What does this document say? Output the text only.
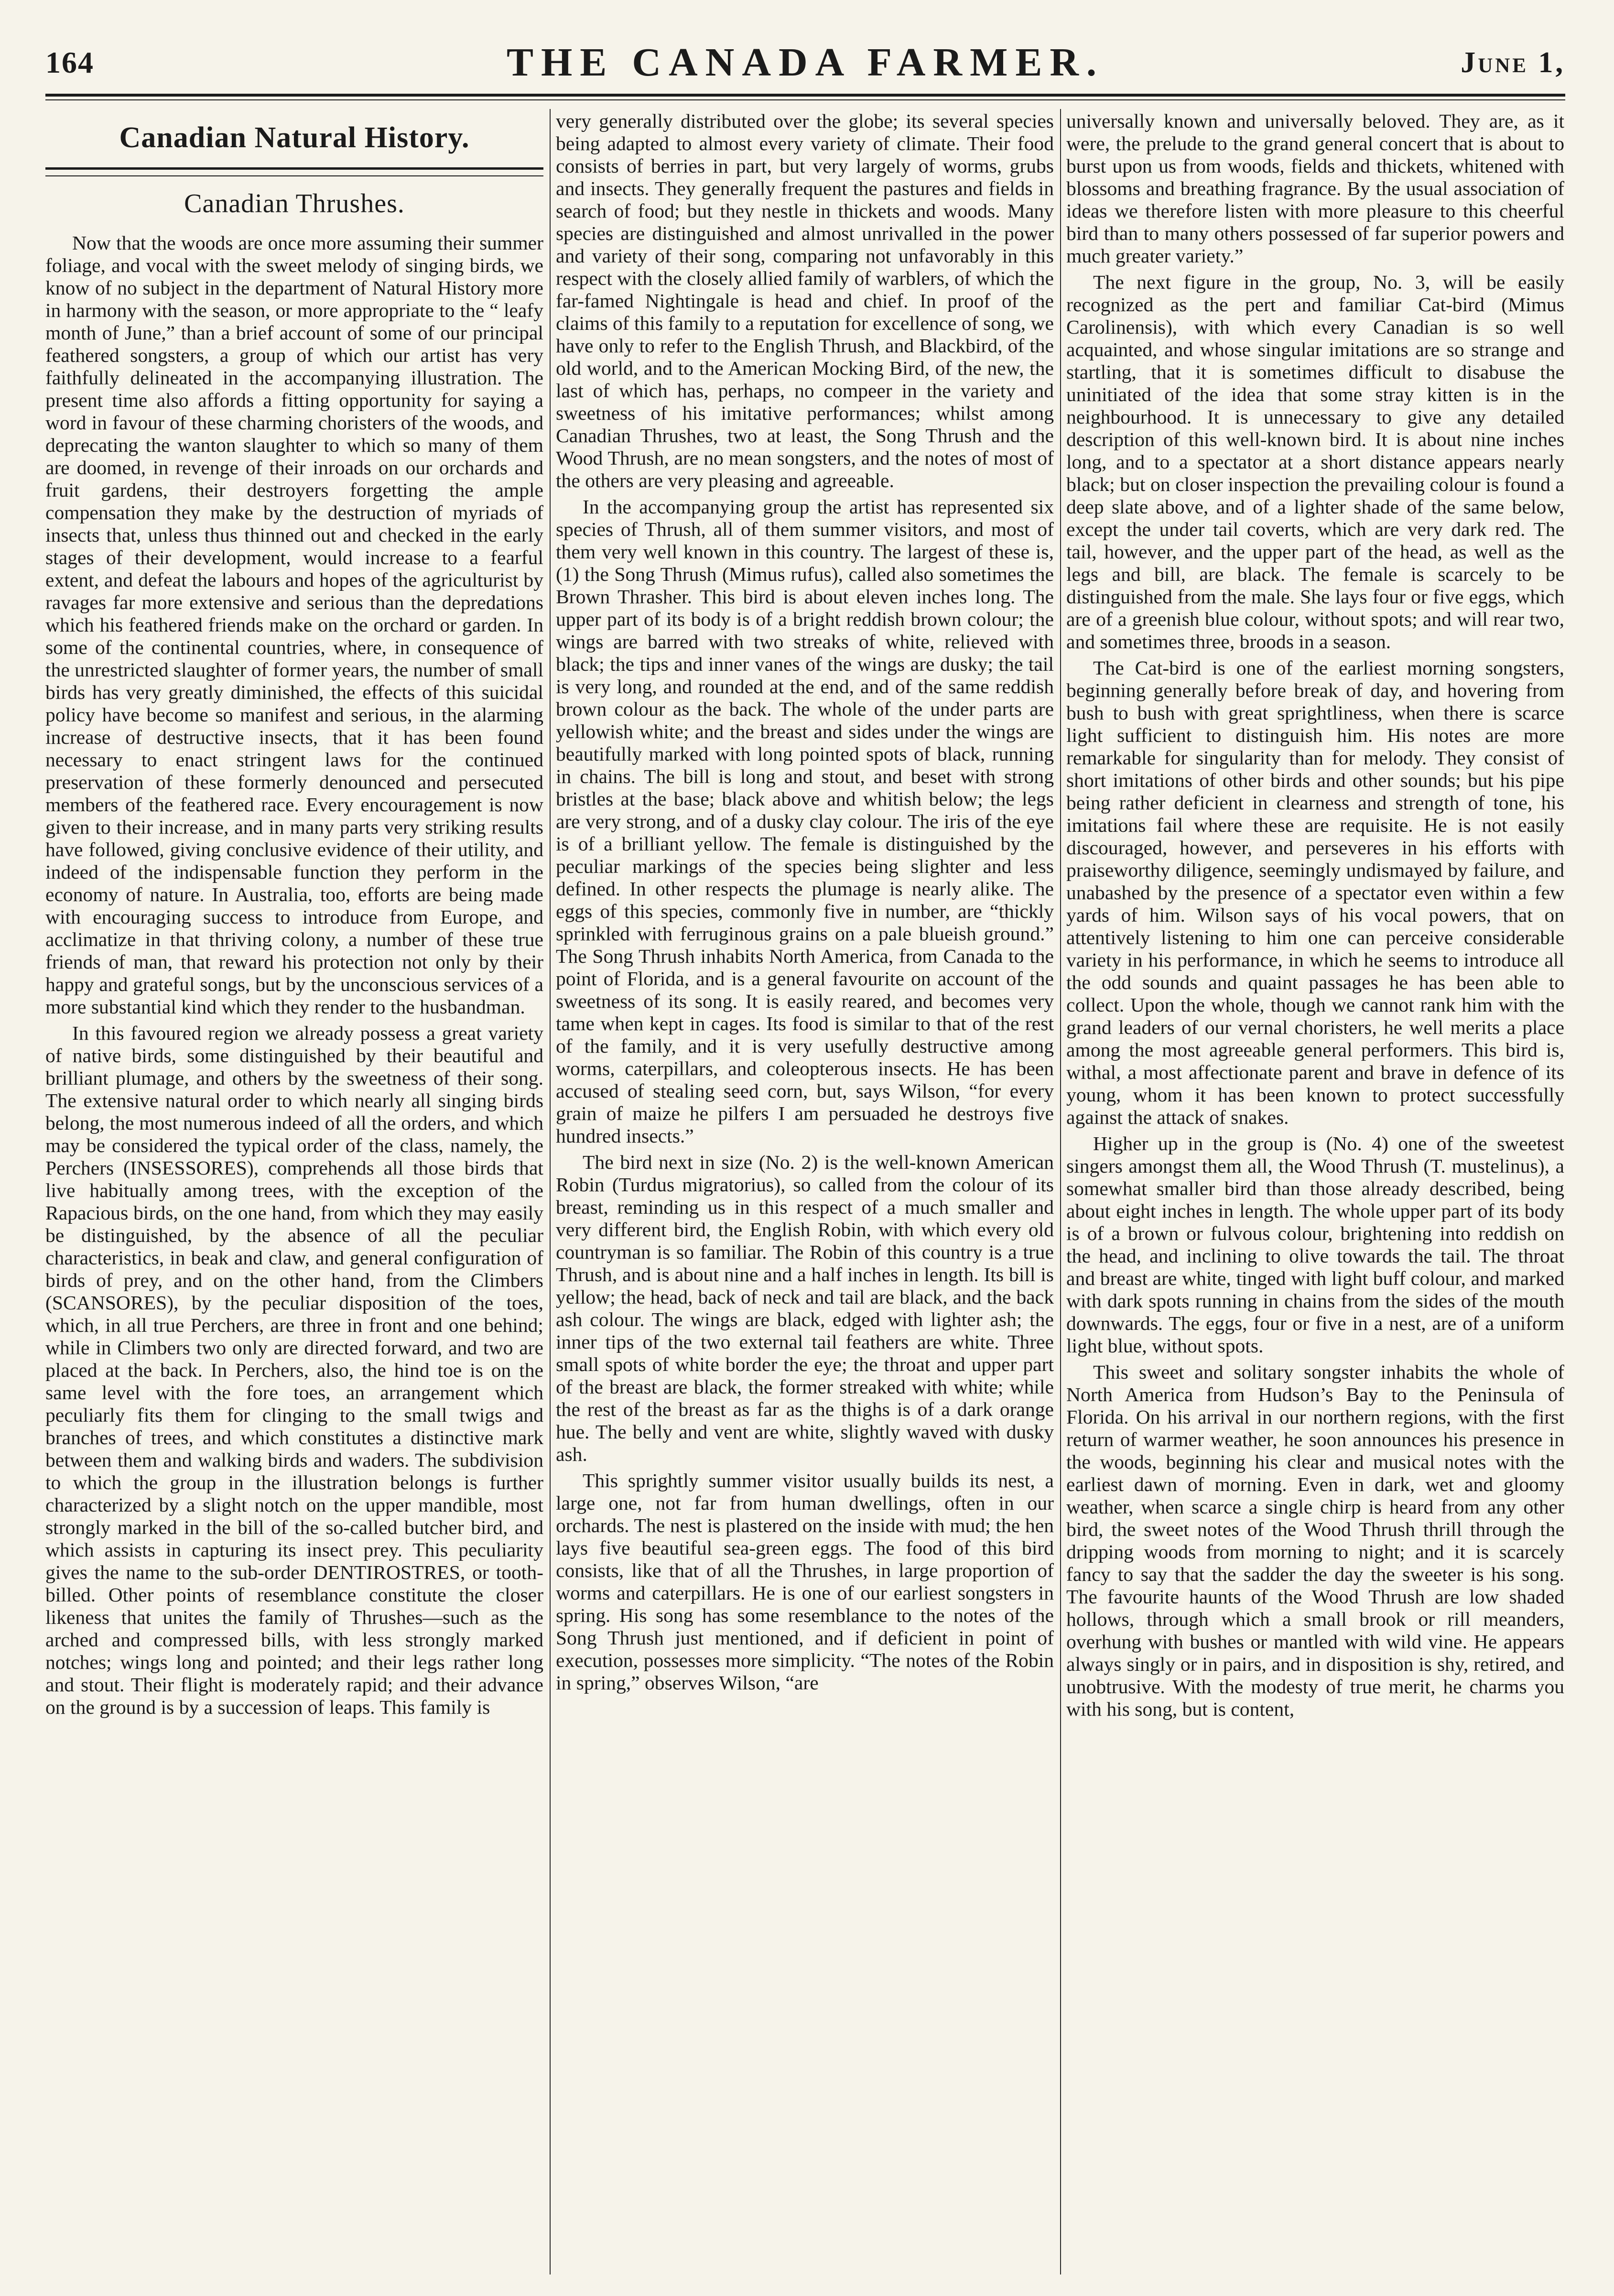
164	THE CANADA FARMER.	June 1,
Canadian Natural History.
Canadian Thrushes.

Now that the woods are once more assuming their summer foliage, and vocal with the sweet melody of singing birds, we know of no subject in the department of Natural History more in harmony with the season, or more appropriate to the “ leafy month of June,” than a brief account of some of our principal feathered songsters, a group of which our artist has very faithfully delineated in the accompanying illustration. The present time also affords a fitting opportunity for saying a word in favour of these charming choristers of the woods, and deprecating the wanton slaughter to which so many of them are doomed, in revenge of their inroads on our orchards and fruit gardens, their destroyers forgetting the ample compensation they make by the destruction of myriads of insects that, unless thus thinned out and checked in the early stages of their development, would increase to a fearful extent, and defeat the labours and hopes of the agriculturist by ravages far more extensive and serious than the depredations which his feathered friends make on the orchard or garden. In some of the continental countries, where, in consequence of the unrestricted slaughter of former years, the number of small birds has very greatly diminished, the effects of this suicidal policy have become so manifest and serious, in the alarming increase of destructive insects, that it has been found necessary to enact stringent laws for the continued preservation of these formerly denounced and persecuted members of the feathered race. Every encouragement is now given to their increase, and in many parts very striking results have followed, giving conclusive evidence of their utility, and indeed of the indispensable function they perform in the economy of nature. In Australia, too, efforts are being made with encouraging success to introduce from Europe, and acclimatize in that thriving colony, a number of these true friends of man, that reward his protection not only by their happy and grateful songs, but by the unconscious services of a more substantial kind which they render to the husbandman.

In this favoured region we already possess a great variety of native birds, some distinguished by their beautiful and brilliant plumage, and others by the sweetness of their song. The extensive natural order to which nearly all singing birds belong, the most numerous indeed of all the orders, and which may be considered the typical order of the class, namely, the Perchers (INSESSORES), comprehends all those birds that live habitually among trees, with the exception of the Rapacious birds, on the one hand, from which they may easily be distinguished, by the absence of all the peculiar characteristics, in beak and claw, and general configuration of birds of prey, and on the other hand, from the Climbers (SCANSORES), by the peculiar disposition of the toes, which, in all true Perchers, are three in front and one behind; while in Climbers two only are directed forward, and two are placed at the back. In Perchers, also, the hind toe is on the same level with the fore toes, an arrangement which peculiarly fits them for clinging to the small twigs and branches of trees, and which constitutes a distinctive mark between them and walking birds and waders. The subdivision to which the group in the illustration belongs is further characterized by a slight notch on the upper mandible, most strongly marked in the bill of the so-called butcher bird, and which assists in capturing its insect prey. This peculiarity gives the name to the sub-order DENTIROSTRES, or tooth-billed. Other points of resemblance constitute the closer likeness that unites the family of Thrushes—such as the arched and compressed bills, with less strongly marked notches; wings long and pointed; and their legs rather long and stout. Their flight is moderately rapid; and their advance on the ground is by a succession of leaps. This family is

very generally distributed over the globe; its several species being adapted to almost every variety of climate. Their food consists of berries in part, but very largely of worms, grubs and insects. They generally frequent the pastures and fields in search of food; but they nestle in thickets and woods. Many species are distinguished and almost unrivalled in the power and variety of their song, comparing not unfavorably in this respect with the closely allied family of warblers, of which the far-famed Nightingale is head and chief. In proof of the claims of this family to a reputation for excellence of song, we have only to refer to the English Thrush, and Blackbird, of the old world, and to the American Mocking Bird, of the new, the last of which has, perhaps, no compeer in the variety and sweetness of his imitative performances; whilst among Canadian Thrushes, two at least, the Song Thrush and the Wood Thrush, are no mean songsters, and the notes of most of the others are very pleasing and agreeable.

In the accompanying group the artist has represented six species of Thrush, all of them summer visitors, and most of them very well known in this country. The largest of these is, (1) the Song Thrush (Mimus rufus), called also sometimes the Brown Thrasher. This bird is about eleven inches long. The upper part of its body is of a bright reddish brown colour; the wings are barred with two streaks of white, relieved with black; the tips and inner vanes of the wings are dusky; the tail is very long, and rounded at the end, and of the same reddish brown colour as the back. The whole of the under parts are yellowish white; and the breast and sides under the wings are beautifully marked with long pointed spots of black, running in chains. The bill is long and stout, and beset with strong bristles at the base; black above and whitish below; the legs are very strong, and of a dusky clay colour. The iris of the eye is of a brilliant yellow. The female is distinguished by the peculiar markings of the species being slighter and less defined. In other respects the plumage is nearly alike. The eggs of this species, commonly five in number, are “thickly sprinkled with ferruginous grains on a pale blueish ground.” The Song Thrush inhabits North America, from Canada to the point of Florida, and is a general favourite on account of the sweetness of its song. It is easily reared, and becomes very tame when kept in cages. Its food is similar to that of the rest of the family, and it is very usefully destructive among worms, caterpillars, and coleopterous insects. He has been accused of stealing seed corn, but, says Wilson, “for every grain of maize he pilfers I am persuaded he destroys five hundred insects.”

The bird next in size (No. 2) is the well-known American Robin (Turdus migratorius), so called from the colour of its breast, reminding us in this respect of a much smaller and very different bird, the English Robin, with which every old countryman is so familiar. The Robin of this country is a true Thrush, and is about nine and a half inches in length. Its bill is yellow; the head, back of neck and tail are black, and the back ash colour. The wings are black, edged with lighter ash; the inner tips of the two external tail feathers are white. Three small spots of white border the eye; the throat and upper part of the breast are black, the former streaked with white; while the rest of the breast as far as the thighs is of a dark orange hue. The belly and vent are white, slightly waved with dusky ash.

This sprightly summer visitor usually builds its nest, a large one, not far from human dwellings, often in our orchards. The nest is plastered on the inside with mud; the hen lays five beautiful sea-green eggs. The food of this bird consists, like that of all the Thrushes, in large proportion of worms and caterpillars. He is one of our earliest songsters in spring. His song has some resemblance to the notes of the Song Thrush just mentioned, and if deficient in point of execution, possesses more simplicity. “The notes of the Robin in spring,” observes Wilson, “are

universally known and universally beloved. They are, as it were, the prelude to the grand general concert that is about to burst upon us from woods, fields and thickets, whitened with blossoms and breathing fragrance. By the usual association of ideas we therefore listen with more pleasure to this cheerful bird than to many others possessed of far superior powers and much greater variety.”

The next figure in the group, No. 3, will be easily recognized as the pert and familiar Cat-bird (Mimus Carolinensis), with which every Canadian is so well acquainted, and whose singular imitations are so strange and startling, that it is sometimes difficult to disabuse the uninitiated of the idea that some stray kitten is in the neighbourhood. It is unnecessary to give any detailed description of this well-known bird. It is about nine inches long, and to a spectator at a short distance appears nearly black; but on closer inspection the prevailing colour is found a deep slate above, and of a lighter shade of the same below, except the under tail coverts, which are very dark red. The tail, however, and the upper part of the head, as well as the legs and bill, are black. The female is scarcely to be distinguished from the male. She lays four or five eggs, which are of a greenish blue colour, without spots; and will rear two, and sometimes three, broods in a season.

The Cat-bird is one of the earliest morning songsters, beginning generally before break of day, and hovering from bush to bush with great sprightliness, when there is scarce light sufficient to distinguish him. His notes are more remarkable for singularity than for melody. They consist of short imitations of other birds and other sounds; but his pipe being rather deficient in clearness and strength of tone, his imitations fail where these are requisite. He is not easily discouraged, however, and perseveres in his efforts with praiseworthy diligence, seemingly undismayed by failure, and unabashed by the presence of a spectator even within a few yards of him. Wilson says of his vocal powers, that on attentively listening to him one can perceive considerable variety in his performance, in which he seems to introduce all the odd sounds and quaint passages he has been able to collect. Upon the whole, though we cannot rank him with the grand leaders of our vernal choristers, he well merits a place among the most agreeable general performers. This bird is, withal, a most affectionate parent and brave in defence of its young, whom it has been known to protect successfully against the attack of snakes.

Higher up in the group is (No. 4) one of the sweetest singers amongst them all, the Wood Thrush (T. mustelinus), a somewhat smaller bird than those already described, being about eight inches in length. The whole upper part of its body is of a brown or fulvous colour, brightening into reddish on the head, and inclining to olive towards the tail. The throat and breast are white, tinged with light buff colour, and marked with dark spots running in chains from the sides of the mouth downwards. The eggs, four or five in a nest, are of a uniform light blue, without spots.

This sweet and solitary songster inhabits the whole of North America from Hudson’s Bay to the Peninsula of Florida. On his arrival in our northern regions, with the first return of warmer weather, he soon announces his presence in the woods, beginning his clear and musical notes with the earliest dawn of morning. Even in dark, wet and gloomy weather, when scarce a single chirp is heard from any other bird, the sweet notes of the Wood Thrush thrill through the dripping woods from morning to night; and it is scarcely fancy to say that the sadder the day the sweeter is his song. The favourite haunts of the Wood Thrush are low shaded hollows, through which a small brook or rill meanders, overhung with bushes or mantled with wild vine. He appears always singly or in pairs, and in disposition is shy, retired, and unobtrusive. With the modesty of true merit, he charms you with his song, but is content,
